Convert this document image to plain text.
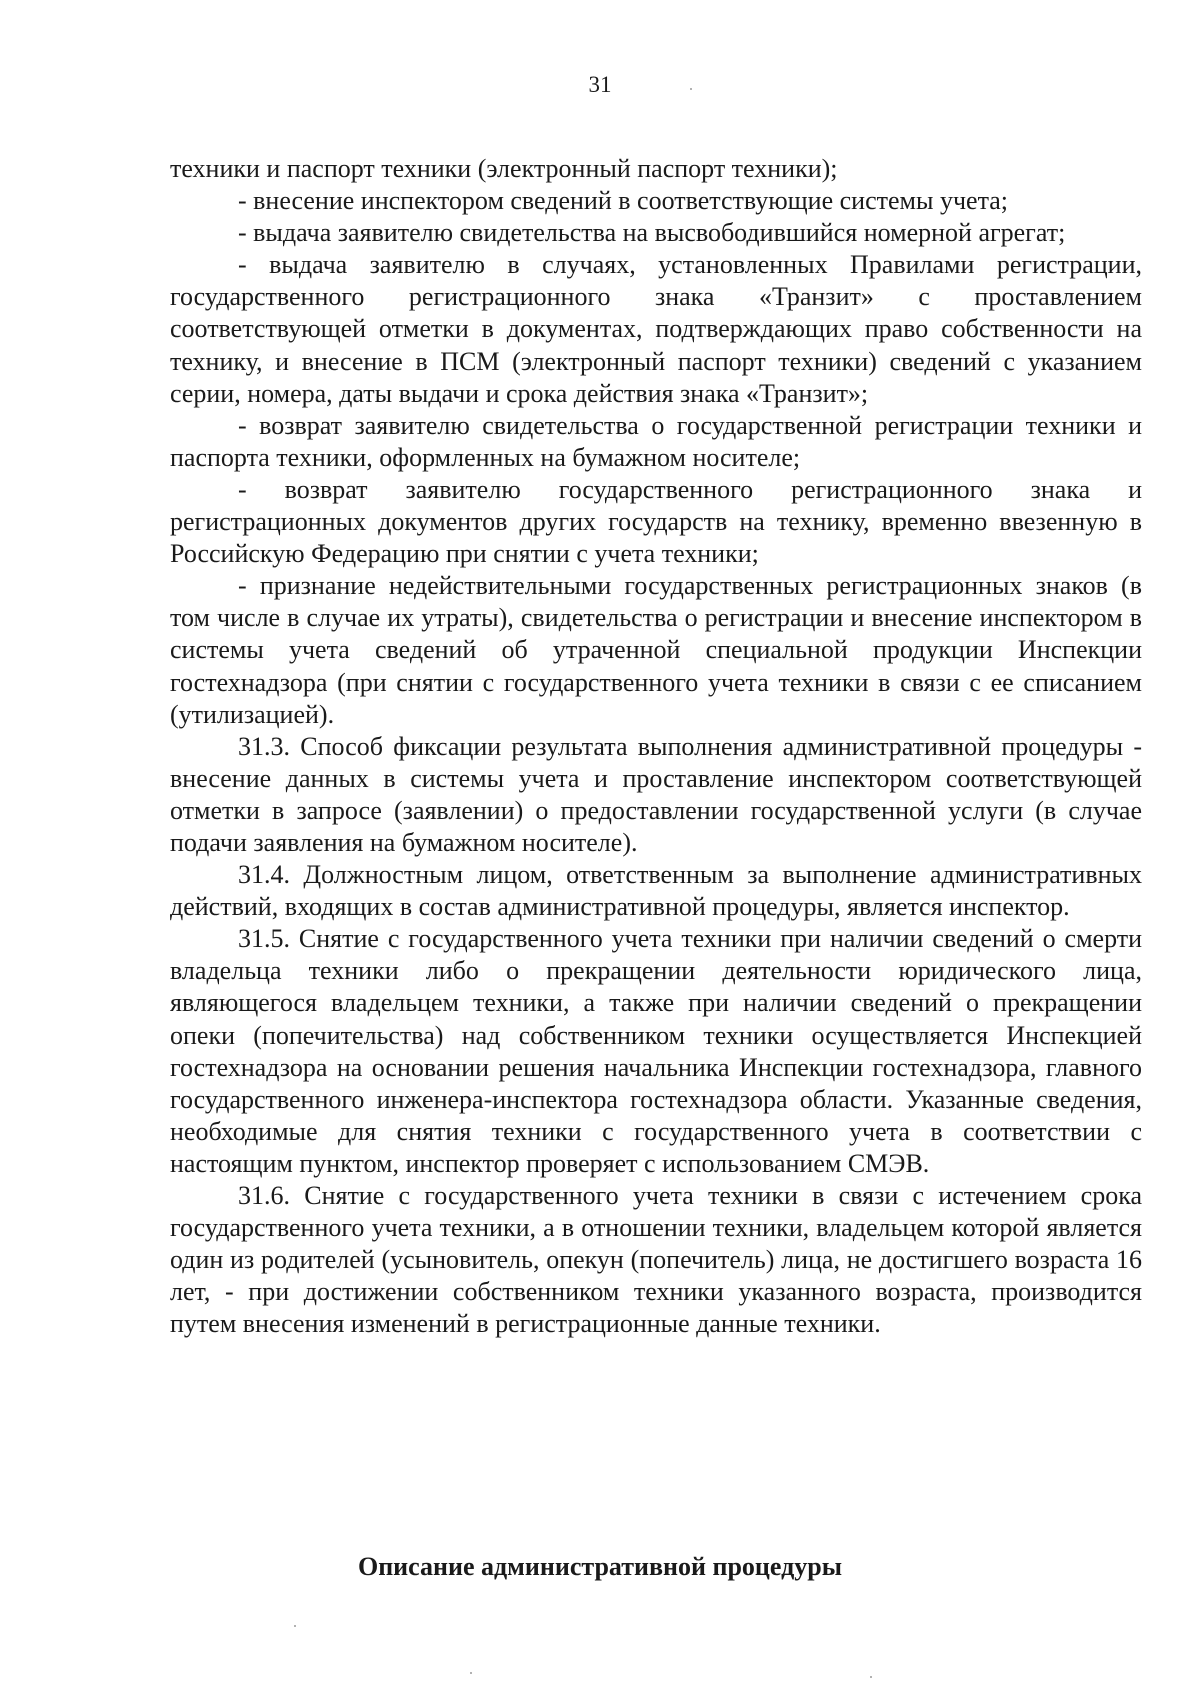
31

техники и паспорт техники (электронный паспорт техники);

- внесение инспектором сведений в соответствующие системы учета;

- выдача заявителю свидетельства на высвободившийся номерной агрегат;

- выдача заявителю в случаях, установленных Правилами регистрации, государственного регистрационного знака «Транзит» с проставлением соответствующей отметки в документах, подтверждающих право собственности на технику, и внесение в ПСМ (электронный паспорт техники) сведений с указанием серии, номера, даты выдачи и срока действия знака «Транзит»;

- возврат заявителю свидетельства о государственной регистрации техники и паспорта техники, оформленных на бумажном носителе;

- возврат заявителю государственного регистрационного знака и регистрационных документов других государств на технику, временно ввезенную в Российскую Федерацию при снятии с учета техники;

- признание недействительными государственных регистрационных знаков (в том числе в случае их утраты), свидетельства о регистрации и внесение инспектором в системы учета сведений об утраченной специальной продукции Инспекции гостехнадзора (при снятии с государственного учета техники в связи с ее списанием (утилизацией).

31.3. Способ фиксации результата выполнения административной процедуры - внесение данных в системы учета и проставление инспектором соответствующей отметки в запросе (заявлении) о предоставлении государственной услуги (в случае подачи заявления на бумажном носителе).

31.4. Должностным лицом, ответственным за выполнение административных действий, входящих в состав административной процедуры, является инспектор.

31.5. Снятие с государственного учета техники при наличии сведений о смерти владельца техники либо о прекращении деятельности юридического лица, являющегося владельцем техники, а также при наличии сведений о прекращении опеки (попечительства) над собственником техники осуществляется Инспекцией гостехнадзора на основании решения начальника Инспекции гостехнадзора, главного государственного инженера-инспектора гостехнадзора области. Указанные сведения, необходимые для снятия техники с государственного учета в соответствии с настоящим пунктом, инспектор проверяет с использованием СМЭВ.

31.6. Снятие с государственного учета техники в связи с истечением срока государственного учета техники, а в отношении техники, владельцем которой является один из родителей (усыновитель, опекун (попечитель) лица, не достигшего возраста 16 лет, - при достижении собственником техники указанного возраста, производится путем внесения изменений в регистрационные данные техники.

Описание административной процедуры
